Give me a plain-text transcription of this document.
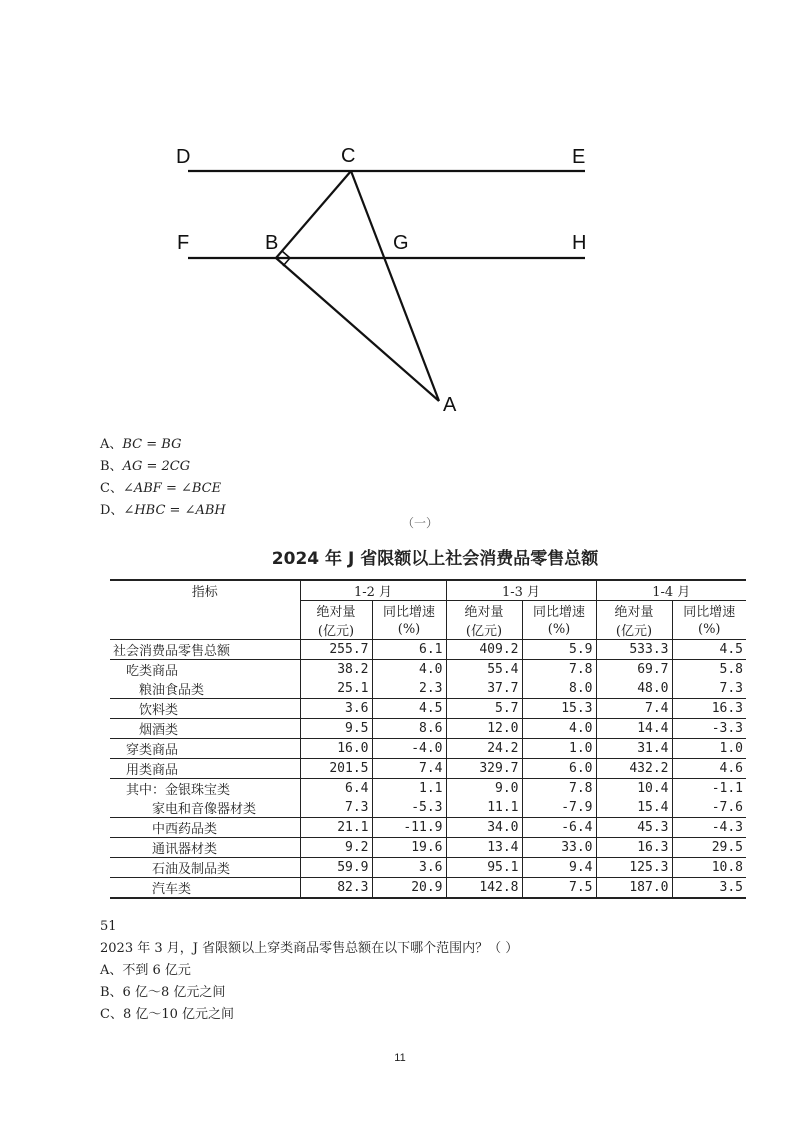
D	C	E
F	B	G	H
A
A、BC = BG
B、AG = 2CG
C、∠ABF = ∠BCE
D、∠HBC = ∠ABH
（一）
2024 年 J 省限额以上社会消费品零售总额
指标	1-2 月		1-3 月		1-4 月	
	绝对量	同比增速	绝对量	同比增速	绝对量	同比增速
	(亿元)	(%)	(亿元)	(%)	(亿元)	(%)
社会消费品零售总额	255.7	6.1	409.2	5.9	533.3	4.5
吃类商品	38.2	4.0	55.4	7.8	69.7	5.8
粮油食品类	25.1	2.3	37.7	8.0	48.0	7.3
饮料类	3.6	4.5	5.7	15.3	7.4	16.3
烟酒类	9.5	8.6	12.0	4.0	14.4	-3.3
穿类商品	16.0	-4.0	24.2	1.0	31.4	1.0
用类商品	201.5	7.4	329.7	6.0	432.2	4.6
其中：金银珠宝类	6.4	1.1	9.0	7.8	10.4	-1.1
家电和音像器材类	7.3	-5.3	11.1	-7.9	15.4	-7.6
中西药品类	21.1	-11.9	34.0	-6.4	45.3	-4.3
通讯器材类	9.2	19.6	13.4	33.0	16.3	29.5
石油及制品类	59.9	3.6	95.1	9.4	125.3	10.8
汽车类	82.3	20.9	142.8	7.5	187.0	3.5
51
2023 年 3 月，J 省限额以上穿类商品零售总额在以下哪个范围内？（ ）
A、不到 6 亿元
B、6 亿～8 亿元之间
C、8 亿～10 亿元之间
11
